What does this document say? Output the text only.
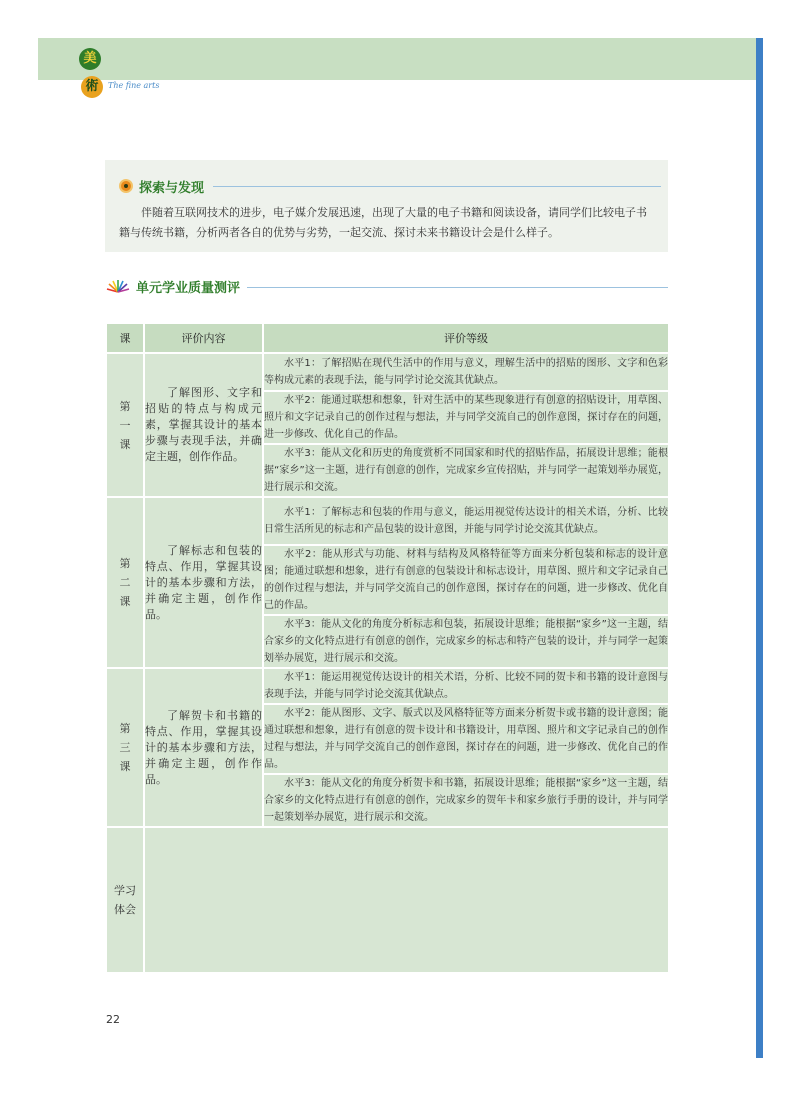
美
術	The fine arts
探索与发现
伴随着互联网技术的进步，电子媒介发展迅速，出现了大量的电子书籍和阅读设备，请同学们比较电子书籍与传统书籍，分析两者各自的优势与劣势，一起交流、探讨未来书籍设计会是什么样子。
单元学业质量测评
课	评价内容	评价等级
第一课	了解图形、文字和招贴的特点与构成元素，掌握其设计的基本步骤与表现手法，并确定主题，创作作品。	水平1：了解招贴在现代生活中的作用与意义，理解生活中的招贴的图形、文字和色彩等构成元素的表现手法，能与同学讨论交流其优缺点。

		水平2：能通过联想和想象，针对生活中的某些现象进行有创意的招贴设计，用草图、照片和文字记录自己的创作过程与想法，并与同学交流自己的创作意图，探讨存在的问题，进一步修改、优化自己的作品。

		水平3：能从文化和历史的角度赏析不同国家和时代的招贴作品，拓展设计思维；能根据“家乡”这一主题，进行有创意的创作，完成家乡宣传招贴，并与同学一起策划举办展览，进行展示和交流。

第二课	了解标志和包装的特点、作用，掌握其设计的基本步骤和方法，并确定主题，创作作品。	水平1：了解标志和包装的作用与意义，能运用视觉传达设计的相关术语，分析、比较日常生活所见的标志和产品包装的设计意图，并能与同学讨论交流其优缺点。

		水平2：能从形式与功能、材料与结构及风格特征等方面来分析包装和标志的设计意图；能通过联想和想象，进行有创意的包装设计和标志设计，用草图、照片和文字记录自己的创作过程与想法，并与同学交流自己的创作意图，探讨存在的问题，进一步修改、优化自己的作品。

		水平3：能从文化的角度分析标志和包装，拓展设计思维；能根据“家乡”这一主题，结合家乡的文化特点进行有创意的创作，完成家乡的标志和特产包装的设计，并与同学一起策划举办展览，进行展示和交流。

第三课	了解贺卡和书籍的特点、作用，掌握其设计的基本步骤和方法，并确定主题，创作作品。	水平1：能运用视觉传达设计的相关术语，分析、比较不同的贺卡和书籍的设计意图与表现手法，并能与同学讨论交流其优缺点。

		水平2：能从图形、文字、版式以及风格特征等方面来分析贺卡或书籍的设计意图；能通过联想和想象，进行有创意的贺卡设计和书籍设计，用草图、照片和文字记录自己的创作过程与想法，并与同学交流自己的创作意图，探讨存在的问题，进一步修改、优化自己的作品。

		水平3：能从文化的角度分析贺卡和书籍，拓展设计思维；能根据“家乡”这一主题，结合家乡的文化特点进行有创意的创作，完成家乡的贺年卡和家乡旅行手册的设计，并与同学一起策划举办展览，进行展示和交流。

学习体会		
22
